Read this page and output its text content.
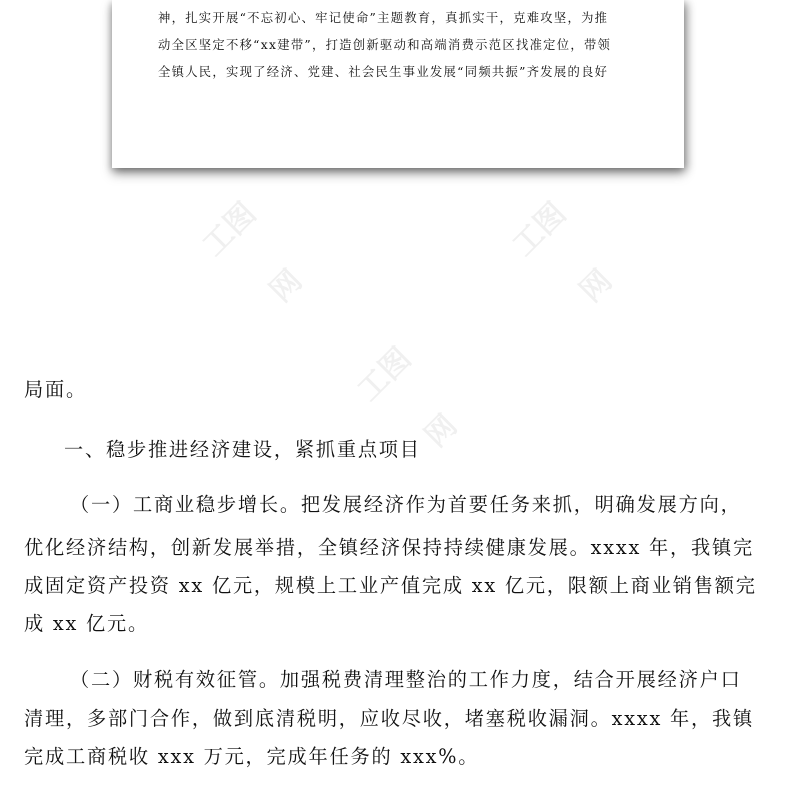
神，扎实开展“不忘初心、牢记使命”主题教育，真抓实干，克难攻坚，为推

动全区坚定不移“xx建带”，打造创新驱动和高端消费示范区找准定位，带领

全镇人民，实现了经济、党建、社会民生事业发展“同频共振”齐发展的良好

工图网
工图网
工图网

局面。

一、稳步推进经济建设，紧抓重点项目

（一）工商业稳步增长。把发展经济作为首要任务来抓，明确发展方向，

优化经济结构，创新发展举措，全镇经济保持持续健康发展。xxxx 年，我镇完

成固定资产投资 xx 亿元，规模上工业产值完成 xx 亿元，限额上商业销售额完

成 xx 亿元。

（二）财税有效征管。加强税费清理整治的工作力度，结合开展经济户口

清理，多部门合作，做到底清税明，应收尽收，堵塞税收漏洞。xxxx 年，我镇

完成工商税收 xxx 万元，完成年任务的 xxx%。
